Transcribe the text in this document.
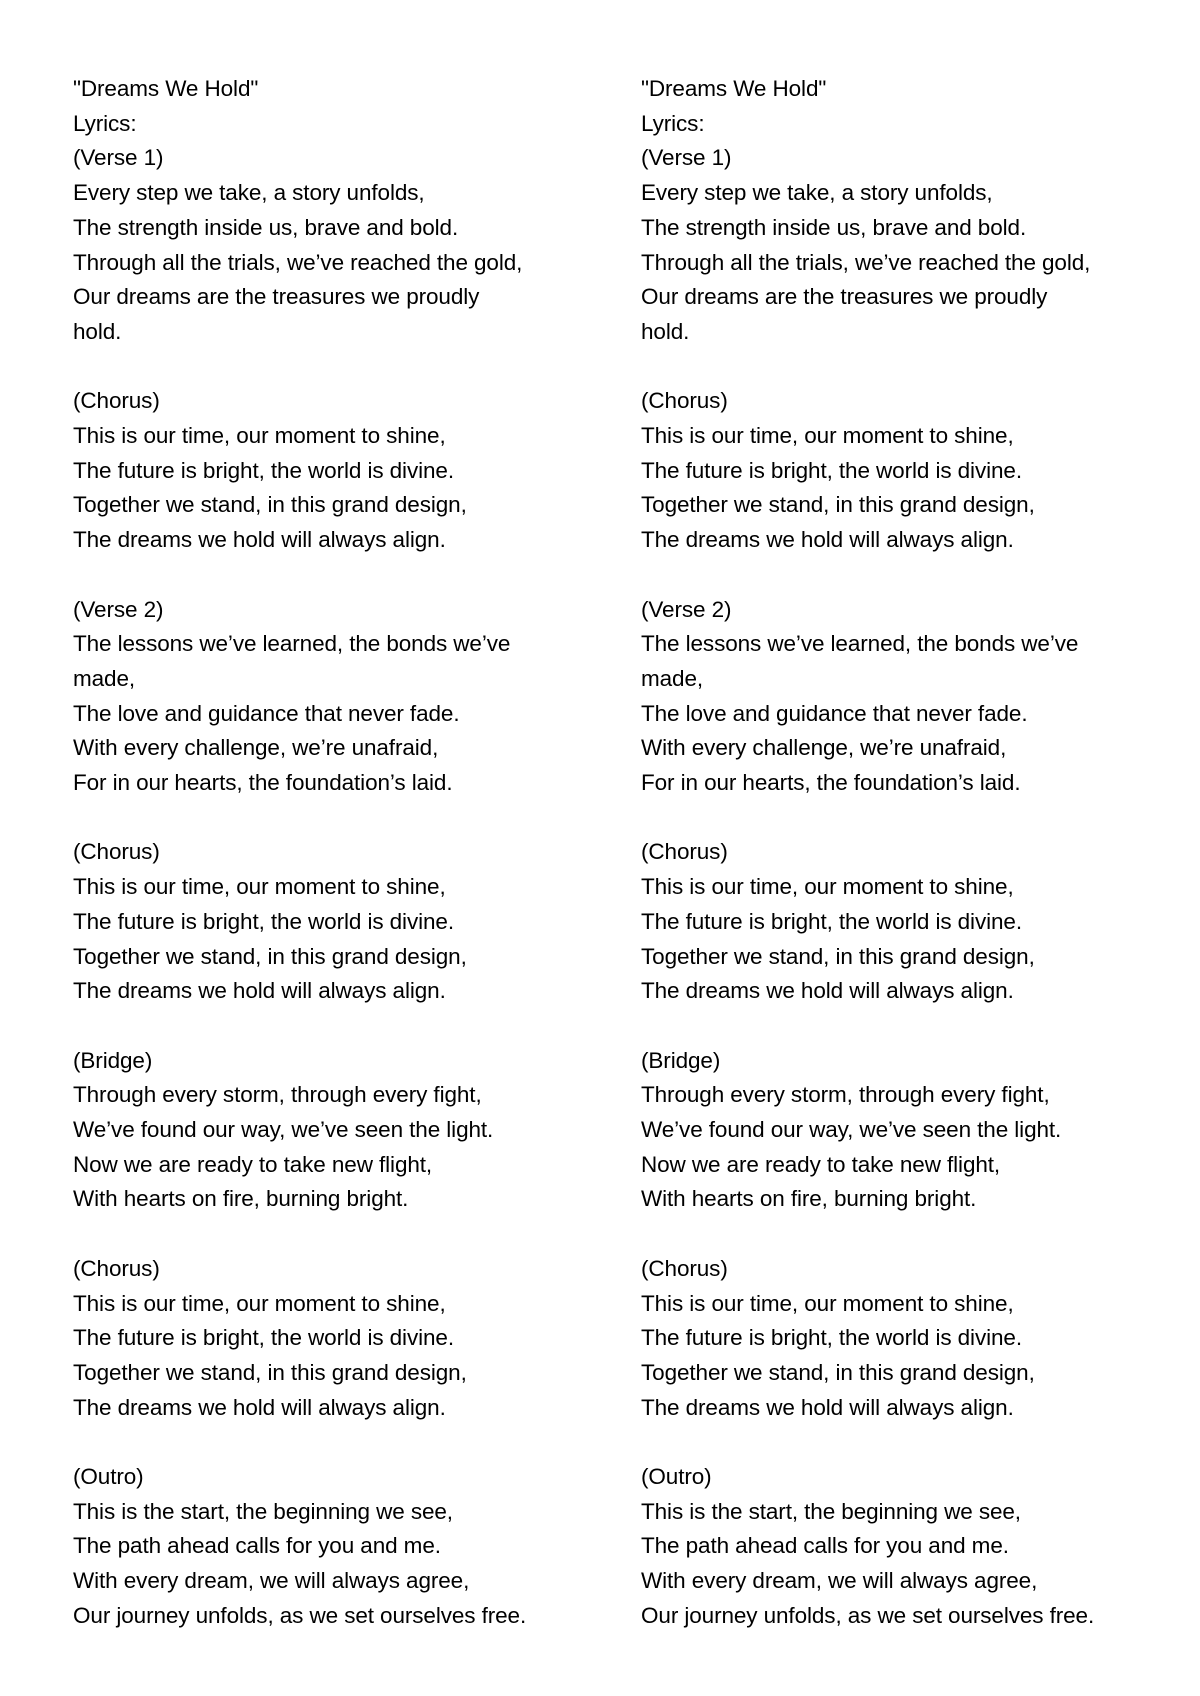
"Dreams We Hold"
Lyrics:
(Verse 1)
Every step we take, a story unfolds,
The strength inside us, brave and bold.
Through all the trials, we’ve reached the gold,
Our dreams are the treasures we proudly
hold.
(Chorus)
This is our time, our moment to shine,
The future is bright, the world is divine.
Together we stand, in this grand design,
The dreams we hold will always align.
(Verse 2)
The lessons we’ve learned, the bonds we’ve
made,
The love and guidance that never fade.
With every challenge, we’re unafraid,
For in our hearts, the foundation’s laid.
(Chorus)
This is our time, our moment to shine,
The future is bright, the world is divine.
Together we stand, in this grand design,
The dreams we hold will always align.
(Bridge)
Through every storm, through every fight,
We’ve found our way, we’ve seen the light.
Now we are ready to take new flight,
With hearts on fire, burning bright.
(Chorus)
This is our time, our moment to shine,
The future is bright, the world is divine.
Together we stand, in this grand design,
The dreams we hold will always align.
(Outro)
This is the start, the beginning we see,
The path ahead calls for you and me.
With every dream, we will always agree,
Our journey unfolds, as we set ourselves free.
"Dreams We Hold"
Lyrics:
(Verse 1)
Every step we take, a story unfolds,
The strength inside us, brave and bold.
Through all the trials, we’ve reached the gold,
Our dreams are the treasures we proudly
hold.
(Chorus)
This is our time, our moment to shine,
The future is bright, the world is divine.
Together we stand, in this grand design,
The dreams we hold will always align.
(Verse 2)
The lessons we’ve learned, the bonds we’ve
made,
The love and guidance that never fade.
With every challenge, we’re unafraid,
For in our hearts, the foundation’s laid.
(Chorus)
This is our time, our moment to shine,
The future is bright, the world is divine.
Together we stand, in this grand design,
The dreams we hold will always align.
(Bridge)
Through every storm, through every fight,
We’ve found our way, we’ve seen the light.
Now we are ready to take new flight,
With hearts on fire, burning bright.
(Chorus)
This is our time, our moment to shine,
The future is bright, the world is divine.
Together we stand, in this grand design,
The dreams we hold will always align.
(Outro)
This is the start, the beginning we see,
The path ahead calls for you and me.
With every dream, we will always agree,
Our journey unfolds, as we set ourselves free.
